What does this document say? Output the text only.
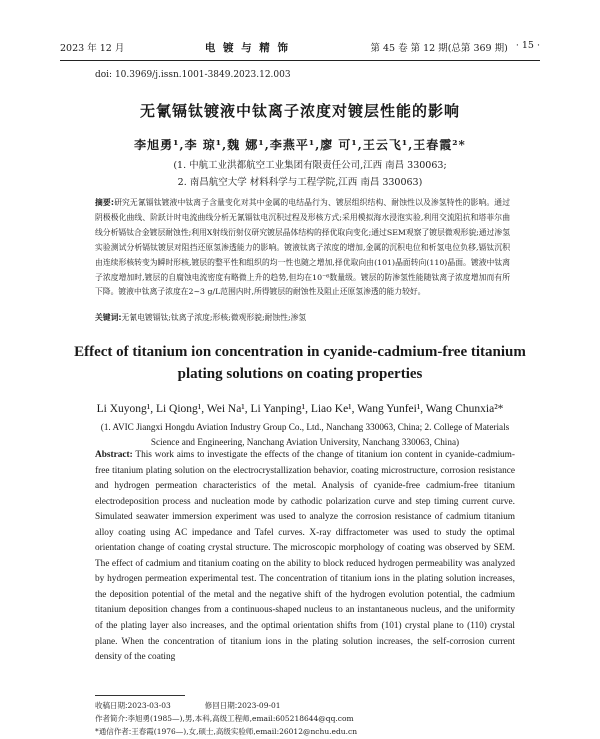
2023 年 12 月	电 镀 与 精 饰	第 45 卷 第 12 期(总第 369 期) · 15 ·
doi: 10.3969/j.issn.1001-3849.2023.12.003
无氰镉钛镀液中钛离子浓度对镀层性能的影响
李旭勇¹,李 琼¹,魏 娜¹,李燕平¹,廖 可¹,王云飞¹,王春霞²*
(1. 中航工业洪都航空工业集团有限责任公司,江西 南昌 330063;
2. 南昌航空大学 材料科学与工程学院,江西 南昌 330063)
摘要:研究无氰镉钛镀液中钛离子含量变化对其中金属的电结晶行为、镀层组织结构、耐蚀性以及渗氢特性的影响。通过阴极极化曲线、阶跃计时电流曲线分析无氰镉钛电沉积过程及形核方式;采用模拟海水浸泡实验,利用交流阻抗和塔菲尔曲线分析镉钛合金镀层耐蚀性;利用X射线衍射仪研究镀层晶体结构的择优取向变化;通过SEM观察了镀层微观形貌;通过渗氢实验测试分析镉钛镀层对阻挡还原氢渗透能力的影响。镀液钛离子浓度的增加,金属的沉积电位和析氢电位负移,镉钛沉积由连续形核转变为瞬时形核,镀层的整平性和组织的均一性也随之增加,择优取向由(101)晶面转向(110)晶面。镀液中钛离子浓度增加时,镀层的自腐蚀电流密度有略微上升的趋势,但均在10⁻⁶数量级。镀层的防渗氢性能随钛离子浓度增加而有所下降。镀液中钛离子浓度在2~3 g/L范围内时,所得镀层的耐蚀性及阻止还原氢渗透的能力较好。
关键词:无氰电镀镉钛;钛离子浓度;形核;微观形貌;耐蚀性;渗氢
Effect of titanium ion concentration in cyanide-cadmium-free titanium plating solutions on coating properties
Li Xuyong¹, Li Qiong¹, Wei Na¹, Li Yanping¹, Liao Ke¹, Wang Yunfei¹, Wang Chunxia²*
(1. AVIC Jiangxi Hongdu Aviation Industry Group Co., Ltd., Nanchang 330063, China; 2. College of Materials Science and Engineering, Nanchang Aviation University, Nanchang 330063, China)
Abstract: This work aims to investigate the effects of the change of titanium ion content in cyanide-cadmium-free titanium plating solution on the electrocrystallization behavior, coating microstructure, corrosion resistance and hydrogen permeation characteristics of the metal. Analysis of cyanide-free cadmium-free titanium electrodeposition process and nucleation mode by cathodic polarization curve and step timing current curve. Simulated seawater immersion experiment was used to analyze the corrosion resistance of cadmium titanium alloy coating using AC impedance and Tafel curves. X-ray diffractometer was used to study the optimal orientation change of coating crystal structure. The microscopic morphology of coating was observed by SEM. The effect of cadmium and titanium coating on the ability to block reduced hydrogen permeability was analyzed by hydrogen permeation experimental test. The concentration of titanium ions in the plating solution increases, the deposition potential of the metal and the negative shift of the hydrogen evolution potential, the cadmium titanium deposition changes from a continuous-shaped nucleus to an instantaneous nucleus, and the uniformity of the plating layer also increases, and the optimal orientation shifts from (101) crystal plane to (110) crystal plane. When the concentration of titanium ions in the plating solution increases, the self-corrosion current density of the coating
收稿日期:2023-03-03	修回日期:2023-09-01
作者简介:李旭勇(1985—),男,本科,高级工程师,email:605218644@qq.com
*通信作者:王春霞(1976—),女,硕士,高级实验师,email:26012@nchu.edu.cn
